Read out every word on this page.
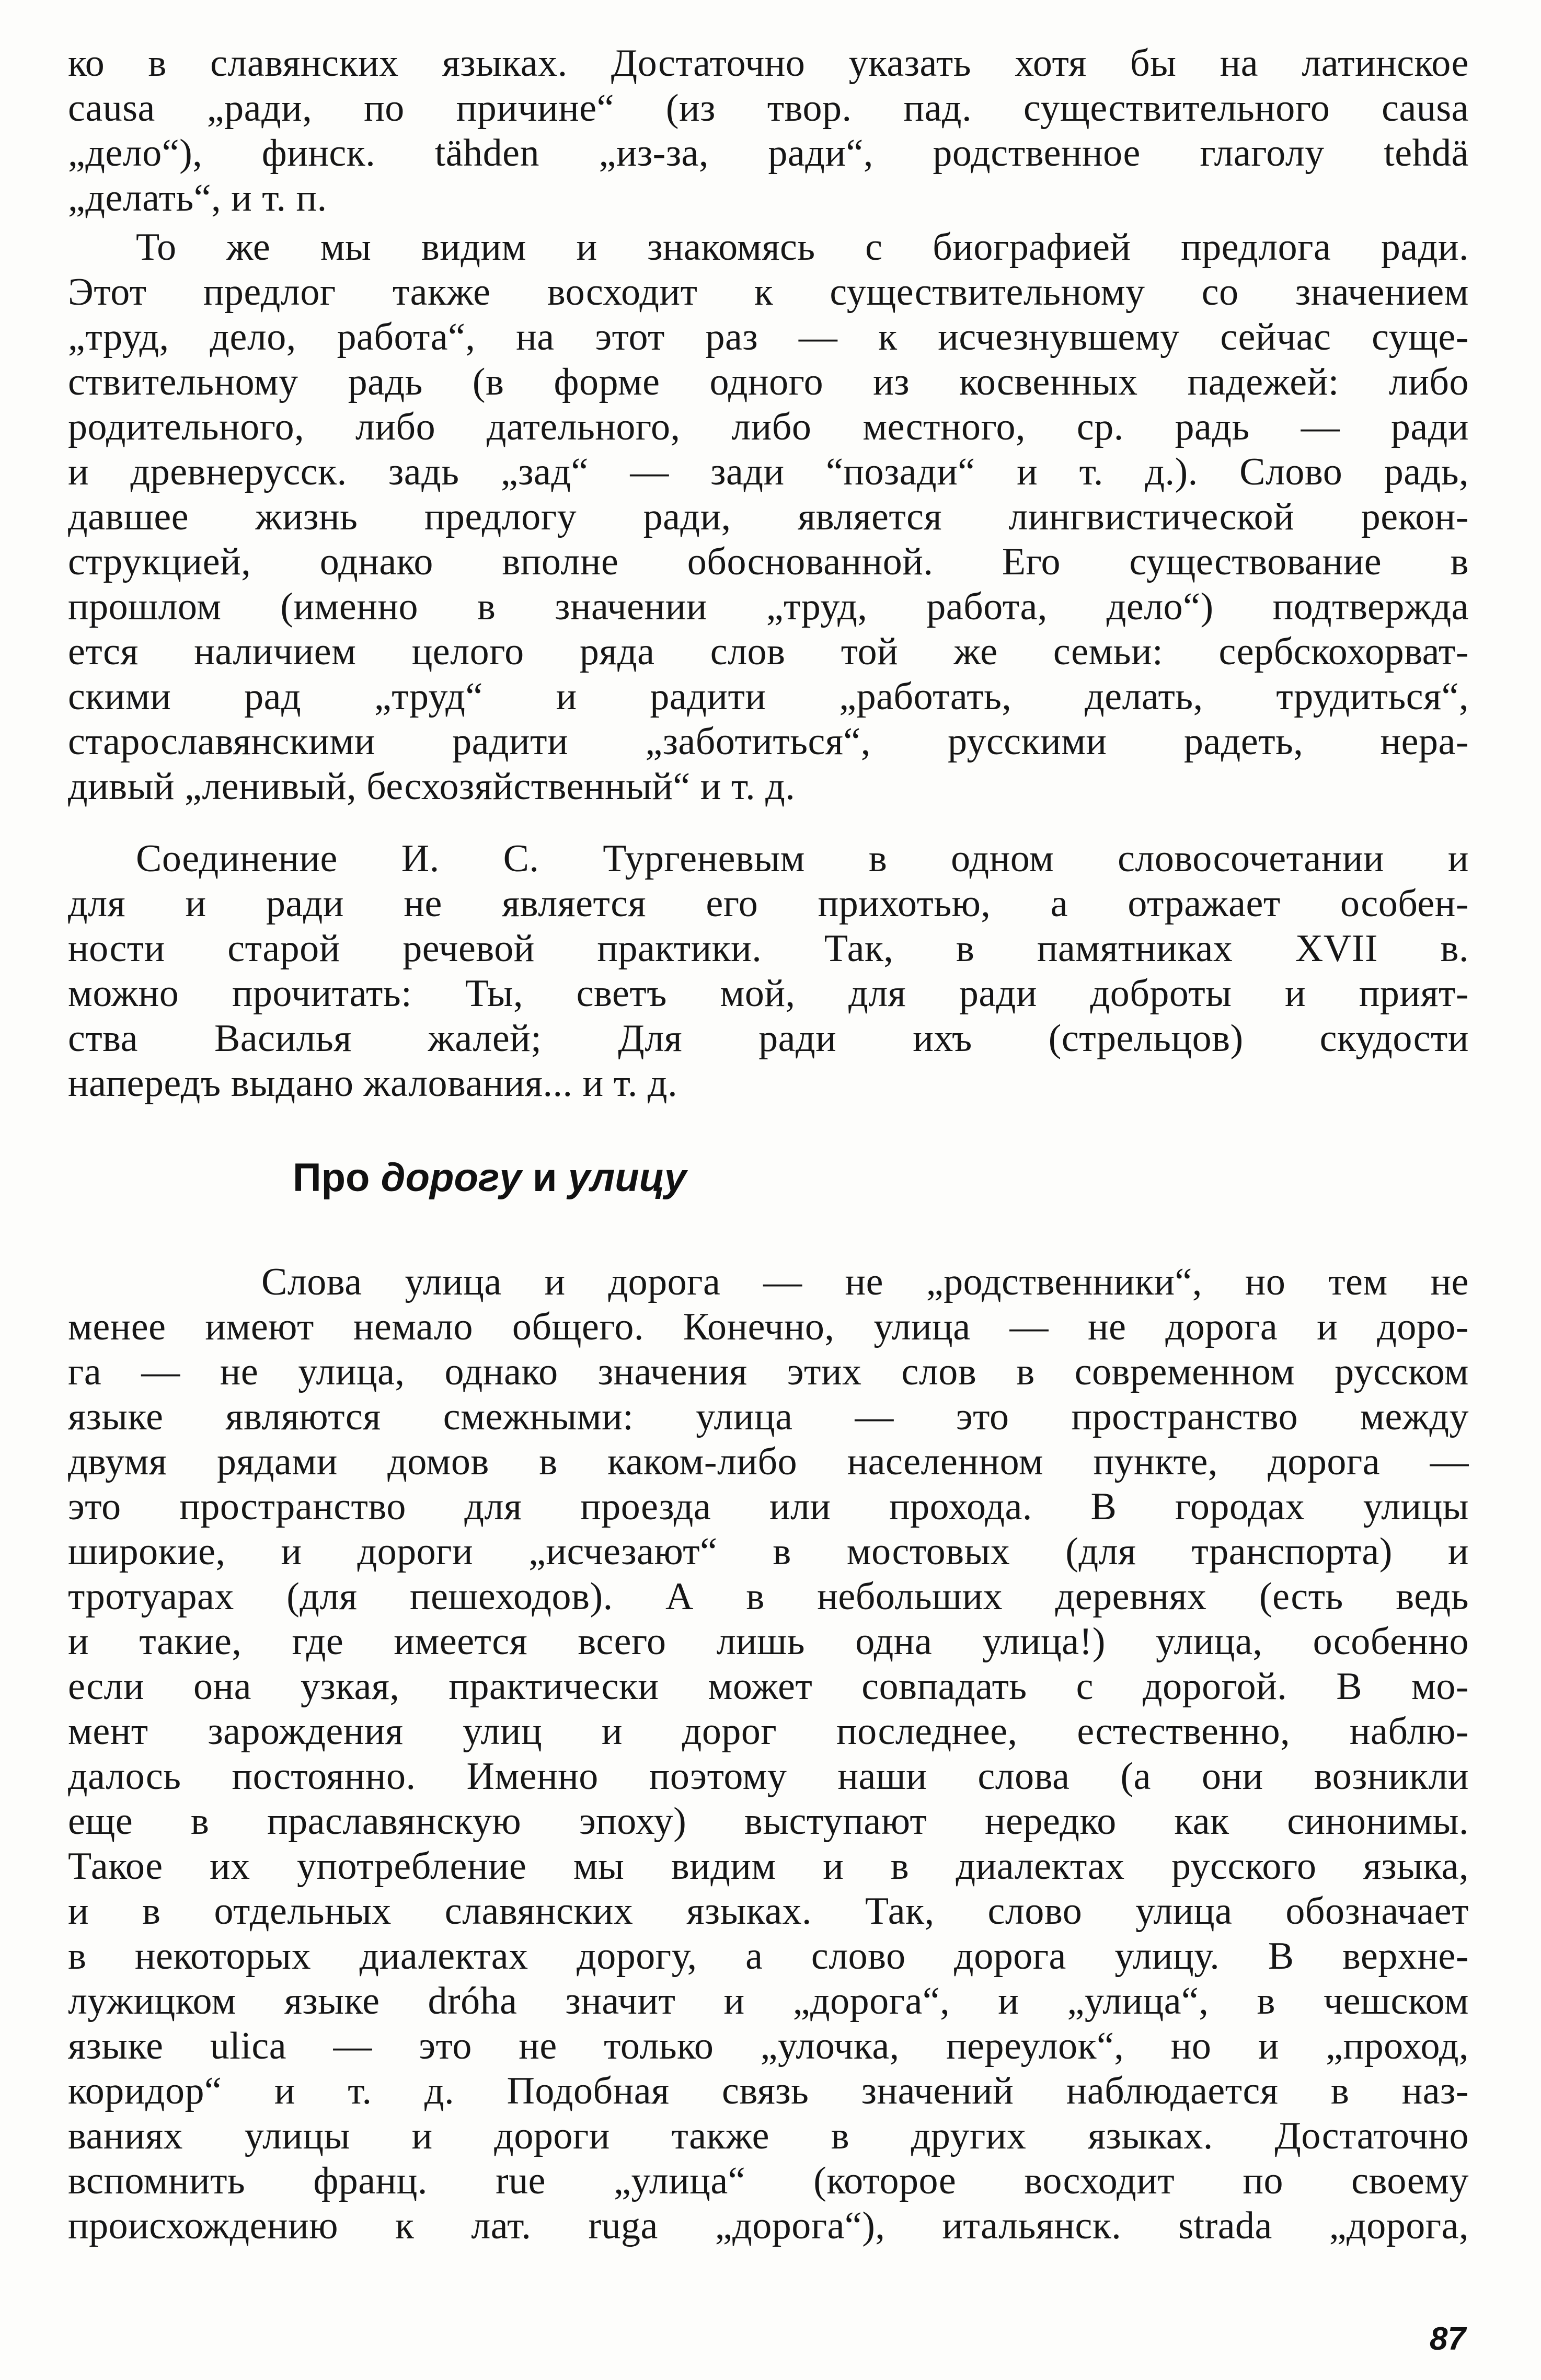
ко в славянских языках. Достаточно указать хотя бы на латинское
causa „ради, по причине“ (из твор. пад. существительного causa
„дело“), финск. tähden „из-за, ради“, родственное глаголу tehdä
„делать“, и т. п.
То же мы видим и знакомясь с биографией предлога ради.
Этот предлог также восходит к существительному со значением
„труд, дело, работа“, на этот раз — к исчезнувшему сейчас суще-
ствительному радь (в форме одного из косвенных падежей: либо
родительного, либо дательного, либо местного, ср. радь — ради
и древнерусск. задь „зад“ — зади “позади“ и т. д.). Слово радь,
давшее жизнь предлогу ради, является лингвистической рекон-
струкцией, однако вполне обоснованной. Его существование в
прошлом (именно в значении „труд, работа, дело“) подтвержда
ется наличием целого ряда слов той же семьи: сербскохорват-
скими рад „труд“ и радити „работать, делать, трудиться“,
старославянскими радити „заботиться“, русскими радеть, нера-
дивый „ленивый, бесхозяйственный“ и т. д.
Соединение И. С. Тургеневым в одном словосочетании и
для и ради не является его прихотью, а отражает особен-
ности старой речевой практики. Так, в памятниках XVII в.
можно прочитать: Ты, светъ мой, для ради доброты и прият-
ства Василья жалей; Для ради ихъ (стрельцов) скудости
напередъ выдано жалования... и т. д.
Про дорогу и улицу
Слова улица и дорога — не „родственники“, но тем не
менее имеют немало общего. Конечно, улица — не дорога и доро-
га — не улица, однако значения этих слов в современном русском
языке являются смежными: улица — это пространство между
двумя рядами домов в каком-либо населенном пункте, дорога —
это пространство для проезда или прохода. В городах улицы
широкие, и дороги „исчезают“ в мостовых (для транспорта) и
тротуарах (для пешеходов). А в небольших деревнях (есть ведь
и такие, где имеется всего лишь одна улица!) улица, особенно
если она узкая, практически может совпадать с дорогой. В мо-
мент зарождения улиц и дорог последнее, естественно, наблю-
далось постоянно. Именно поэтому наши слова (а они возникли
еще в праславянскую эпоху) выступают нередко как синонимы.
Такое их употребление мы видим и в диалектах русского языка,
и в отдельных славянских языках. Так, слово улица обозначает
в некоторых диалектах дорогу, а слово дорога улицу. В верхне-
лужицком языке dróha значит и „дорога“, и „улица“, в чешском
языке ulica — это не только „улочка, переулок“, но и „проход,
коридор“ и т. д. Подобная связь значений наблюдается в наз-
ваниях улицы и дороги также в других языках. Достаточно
вспомнить франц. rue „улица“ (которое восходит по своему
происхождению к лат. ruga „дорога“), итальянск. strada „дорога,
87
